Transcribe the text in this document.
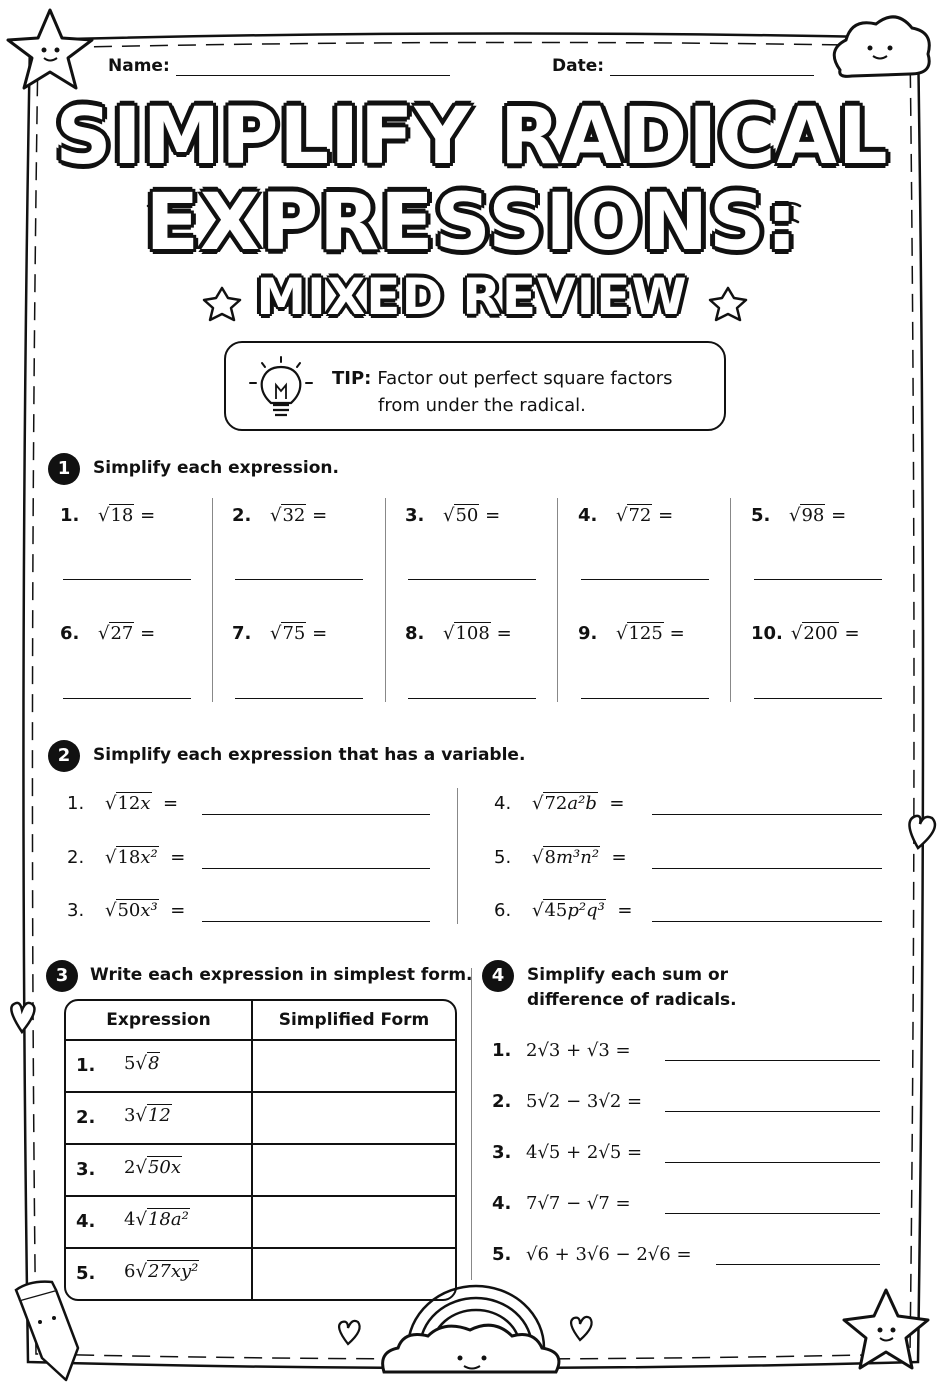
Name:	Date:
SIMPLIFY RADICAL
EXPRESSIONS:
MIXED REVIEW
TIP: Factor out perfect square factors
from under the radical.
1	Simplify each expression.
1. √18 =	2. √32 =	3. √50 =	4. √72 =	5. √98 =
6. √27 =	7. √75 =	8. √108 =	9. √125 =	10. √200 =
2	Simplify each expression that has a variable.
1. √12x =
2. √18x² =
3. √50x³ =
4. √72a²b =
5. √8m³n² =
6. √45p²q³ =
3	Write each expression in simplest form.
Expression	Simplified Form

1. 5√8	

2. 3√12	

3. 2√50x	

4. 4√18a²	

5. 6√27xy²	

4	Simplify each sum or
difference of radicals.
1. 2√3 + √3 =
2. 5√2 − 3√2 =
3. 4√5 + 2√5 =
4. 7√7 − √7 =
5. √6 + 3√6 − 2√6 =
